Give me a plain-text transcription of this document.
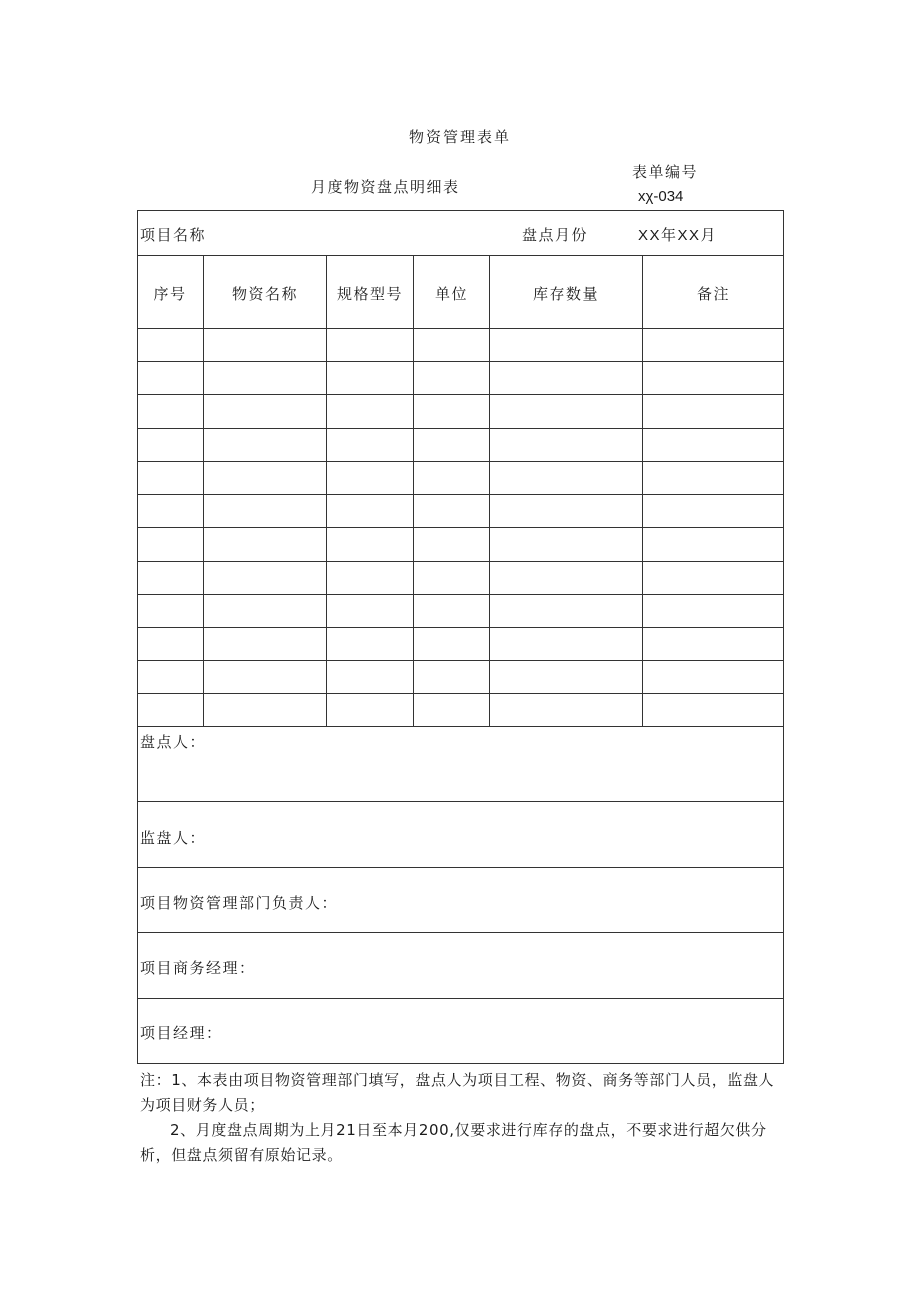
物资管理表单
月度物资盘点明细表
表单编号
xχ-034
项目名称	盘点月份	XX年XX月
序号	物资名称	规格型号	单位	库存数量	备注
盘点人：
监盘人：
项目物资管理部门负责人：
项目商务经理：
项目经理：
注：1、本表由项目物资管理部门填写，盘点人为项目工程、物资、商务等部门人员，监盘人为项目财务人员；
2、月度盘点周期为上月21日至本月200,仅要求进行库存的盘点，不要求进行超欠供分析，但盘点须留有原始记录。
